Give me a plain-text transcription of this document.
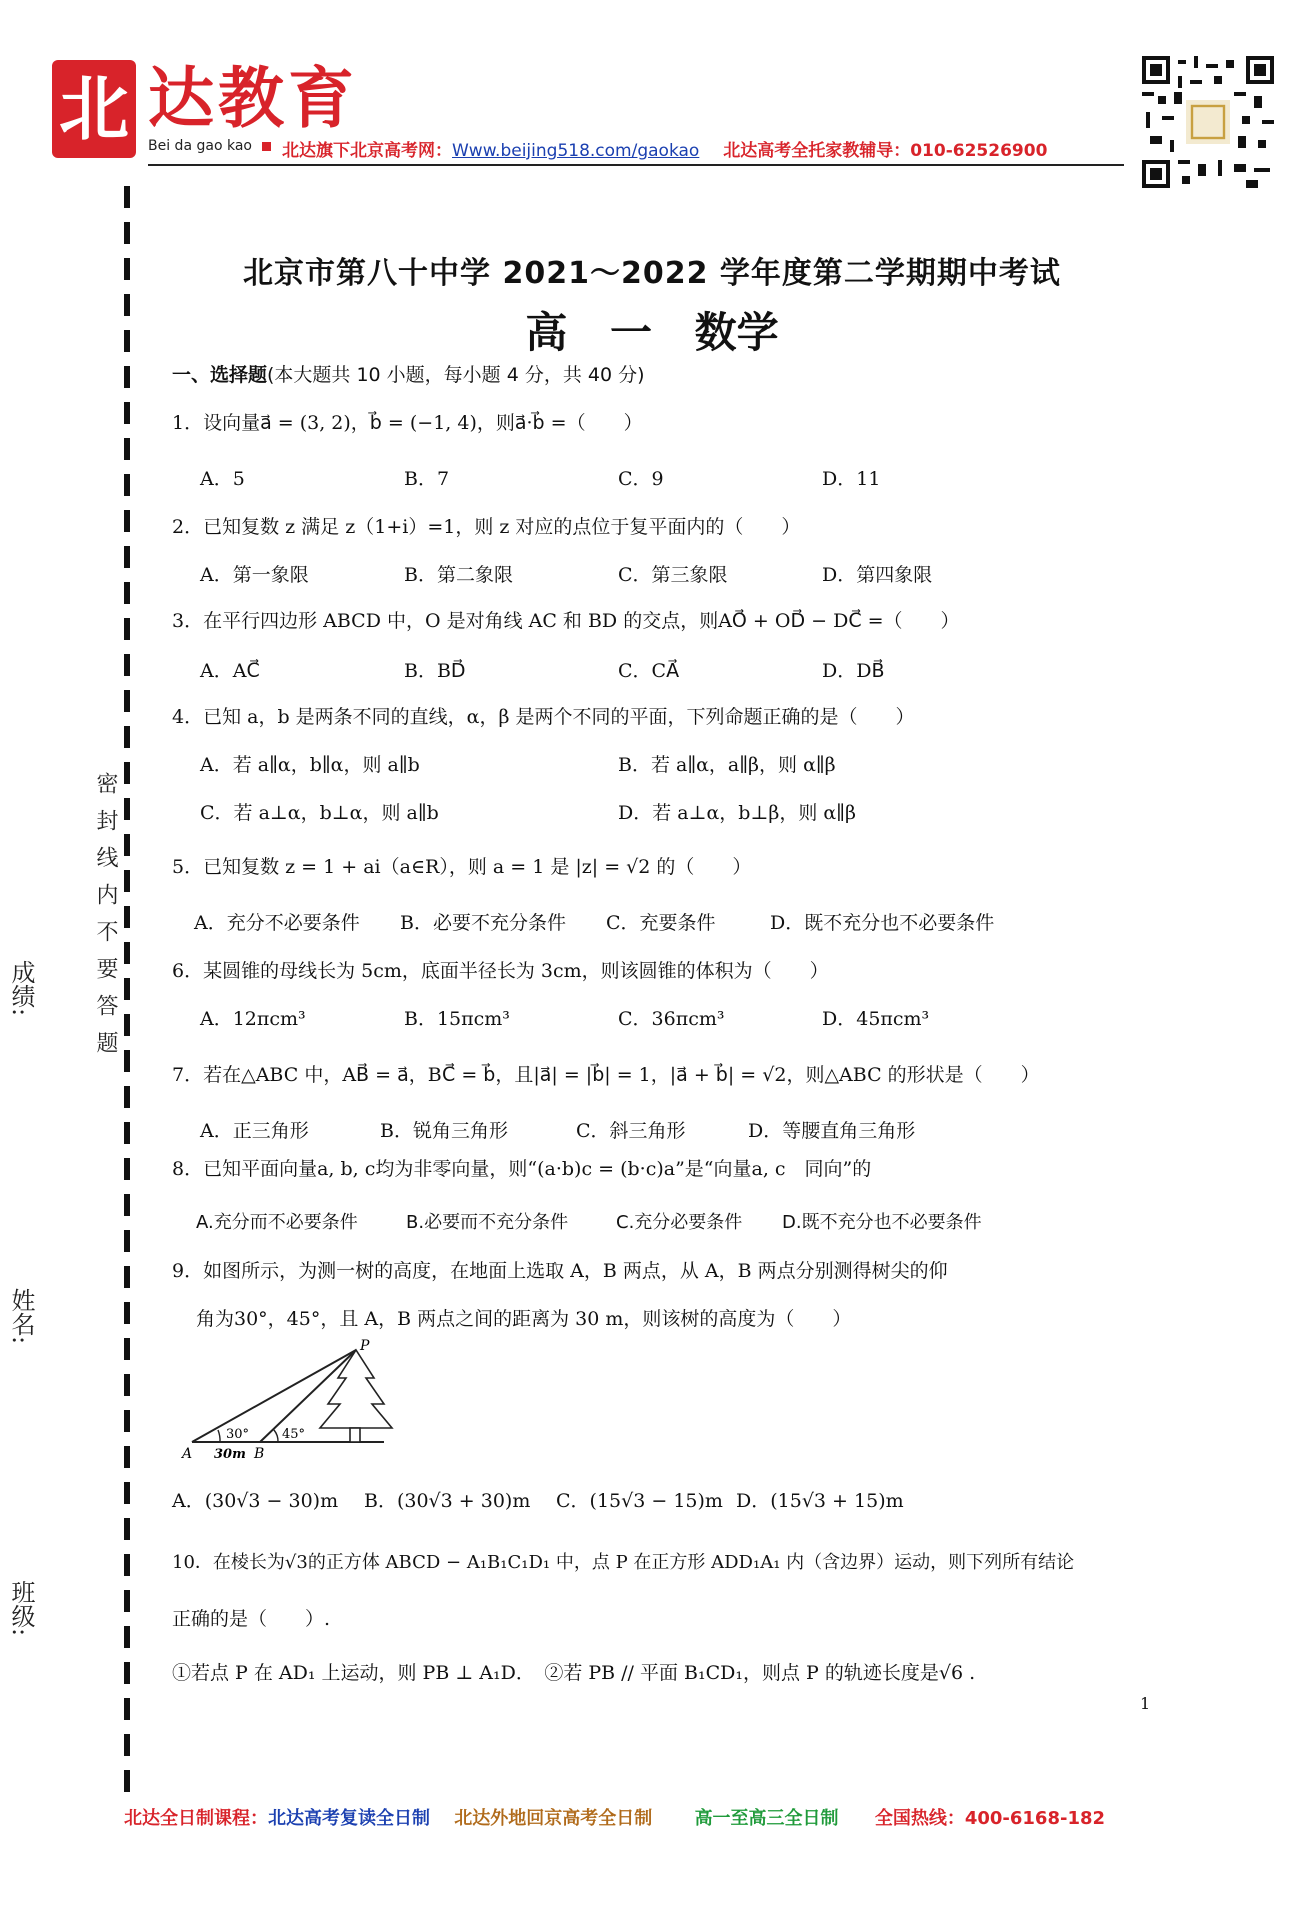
北 达教育
Bei da gao kao 北达旗下北京高考网：Www.beijing518.com/gaokao 北达高考全托家教辅导：010-62526900
密封线内不要答题
成绩:
姓名:
班级:
北京市第八十中学 2021～2022 学年度第二学期期中考试
高 一 数学
一、选择题(本大题共 10 小题，每小题 4 分，共 40 分)
1．设向量a⃗ = (3, 2)，b⃗ = (−1, 4)，则a⃗·b⃗ =（　　）
A．5	B．7	C．9	D．11
2．已知复数 z 满足 z（1+i）=1，则 z 对应的点位于复平面内的（　　）
A．第一象限	B．第二象限	C．第三象限	D．第四象限
3．在平行四边形 ABCD 中，O 是对角线 AC 和 BD 的交点，则AO⃗ + OD⃗ − DC⃗ =（　　）
A．AC⃗	B．BD⃗	C．CA⃗	D．DB⃗
4．已知 a，b 是两条不同的直线，α，β 是两个不同的平面，下列命题正确的是（　　）
A．若 a∥α，b∥α，则 a∥b	B．若 a∥α，a∥β，则 α∥β
C．若 a⊥α，b⊥α，则 a∥b	D．若 a⊥α，b⊥β，则 α∥β
5．已知复数 z = 1 + ai（a∈R），则 a = 1 是 |z| = √2 的（　　）
A．充分不必要条件 B．必要不充分条件 C．充要条件	D．既不充分也不必要条件
6．某圆锥的母线长为 5cm，底面半径长为 3cm，则该圆锥的体积为（　　）
A．12πcm³	B．15πcm³	C．36πcm³	D．45πcm³
7．若在△ABC 中，AB⃗ = a⃗，BC⃗ = b⃗，且|a⃗| = |b⃗| = 1，|a⃗ + b⃗| = √2，则△ABC 的形状是（　　）
A．正三角形	B．锐角三角形	C．斜三角形	D．等腰直角三角形
8．已知平面向量a, b, c均为非零向量，则“(a·b)c = (b·c)a”是“向量a, c　同向”的
A.充分而不必要条件	B.必要而不充分条件	C.充分必要条件 D.既不充分也不必要条件
9．如图所示，为测一树的高度，在地面上选取 A，B 两点，从 A，B 两点分别测得树尖的仰
角为30°，45°，且 A，B 两点之间的距离为 30 m，则该树的高度为（　　）
30°	45°
A	B
P
30m
A．(30√3 − 30)m B．(30√3 + 30)m C．(15√3 − 15)m D．(15√3 + 15)m
10．在棱长为√3的正方体 ABCD − A₁B₁C₁D₁ 中，点 P 在正方形 ADD₁A₁ 内（含边界）运动，则下列所有结论
正确的是（　　）.
①若点 P 在 AD₁ 上运动，则 PB ⊥ A₁D．　②若 PB // 平面 B₁CD₁，则点 P 的轨迹长度是√6 .
1
北达全日制课程：北达高考复读全日制 北达外地回京高考全日制 高一至高三全日制 全国热线：400-6168-182
